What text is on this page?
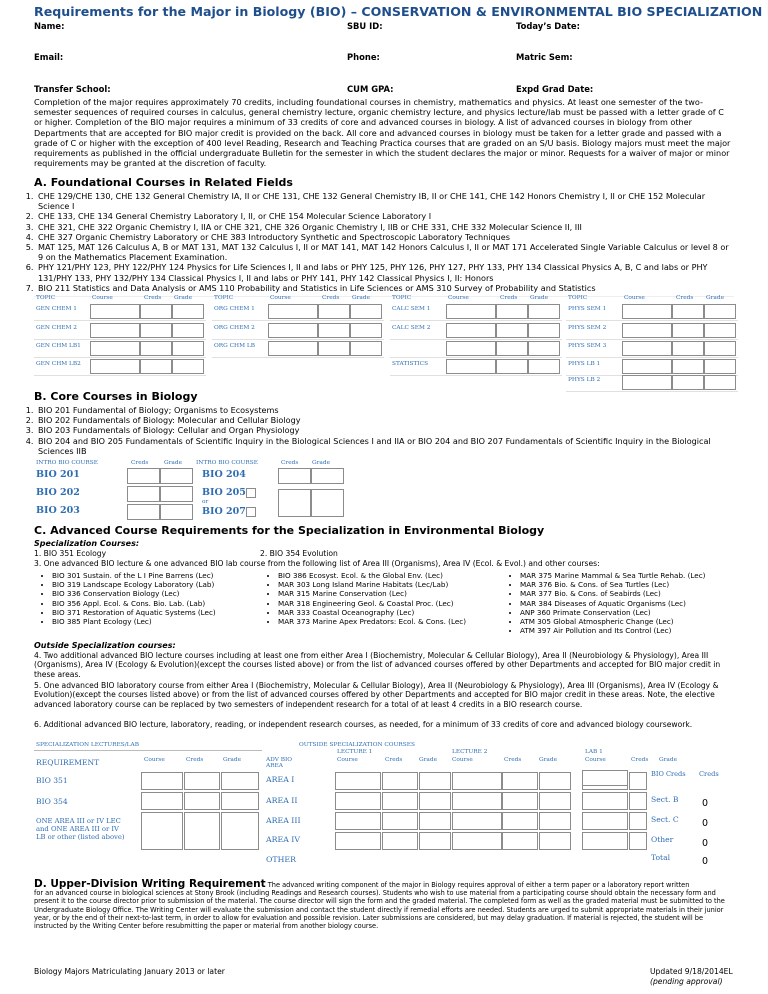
Requirements for the Major in Biology (BIO) – CONSERVATION & ENVIRONMENTAL BIO SPECIALIZATION
Name:	SBU ID:	Today’s Date:
Email:	Phone:	Matric Sem:
Transfer School:	CUM GPA:	Expd Grad Date:
Completion of the major requires approximately 70 credits, including foundational courses in chemistry, mathematics and physics. At least one semester of the two-semester sequences of required courses in calculus, general chemistry lecture, organic chemistry lecture, and physics lecture/lab must be passed with a letter grade of C or higher. Completion of the BIO major requires a minimum of 33 credits of core and advanced courses in biology. A list of advanced courses in biology from other Departments that are accepted for BIO major credit is provided on the back. All core and advanced courses in biology must be taken for a letter grade and passed with a grade of C or higher with the exception of 400 level Reading, Research and Teaching Practica courses that are graded on an S/U basis. Biology majors must meet the major requirements as published in the official undergraduate Bulletin for the semester in which the student declares the major or minor. Requests for a waiver of major or minor requirements may be granted at the discretion of faculty.
A. Foundational Courses in Related Fields
1. CHE 129/CHE 130, CHE 132 General Chemistry IA, II or CHE 131, CHE 132 General Chemistry IB, II or CHE 141, CHE 142 Honors Chemistry I, II or CHE 152 Molecular Science I
2. CHE 133, CHE 134 General Chemistry Laboratory I, II, or CHE 154 Molecular Science Laboratory I
3. CHE 321, CHE 322 Organic Chemistry I, IIA or CHE 321, CHE 326 Organic Chemistry I, IIB or CHE 331, CHE 332 Molecular Science II, III
4. CHE 327 Organic Chemistry Laboratory or CHE 383 Introductory Synthetic and Spectroscopic Laboratory Techniques
5. MAT 125, MAT 126 Calculus A, B or MAT 131, MAT 132 Calculus I, II or MAT 141, MAT 142 Honors Calculus I, II or MAT 171 Accelerated Single Variable Calculus or level 8 or 9 on the Mathematics Placement Examination.
6. PHY 121/PHY 123, PHY 122/PHY 124 Physics for Life Sciences I, II and labs or PHY 125, PHY 126, PHY 127, PHY 133, PHY 134 Classical Physics A, B, C and labs or PHY 131/PHY 133, PHY 132/PHY 134 Classical Physics I, II and labs or PHY 141, PHY 142 Classical Physics I, II: Honors
7. BIO 211 Statistics and Data Analysis or AMS 110 Probability and Statistics in Life Sciences or AMS 310 Survey of Probability and Statistics
TOPIC	Course	Creds Grade
GEN CHEM 1
GEN CHEM 2
GEN CHM LB1
GEN CHM LB2
TOPIC	Course	Creds Grade
ORG CHEM 1
ORG CHEM 2
ORG CHM LB
TOPIC	Course	Creds Grade
CALC SEM 1
CALC SEM 2
STATISTICS
TOPIC	Course	Creds Grade
PHYS SEM 1
PHYS SEM 2
PHYS SEM 3
PHYS LB 1
PHYS LB 2
B. Core Courses in Biology
1. BIO 201 Fundamental of Biology; Organisms to Ecosystems
2. BIO 202 Fundamentals of Biology: Molecular and Cellular Biology
3. BIO 203 Fundamentals of Biology: Cellular and Organ Physiology
4. BIO 204 and BIO 205 Fundamentals of Scientific Inquiry in the Biological Sciences I and IIA or BIO 204 and BIO 207 Fundamentals of Scientific Inquiry in the Biological Sciences IIB
INTRO BIO COURSE	Creds	Grade INTRO BIO COURSE	Creds Grade
BIO 201
BIO 202
BIO 203
BIO 204
BIO 205
or
BIO 207
C. Advanced Course Requirements for the Specialization in Environmental Biology
Specialization Courses:
1. BIO 351 Ecology	2. BIO 354 Evolution
3. One advanced BIO lecture & one advanced BIO lab course from the following list of Area III (Organisms), Area IV (Ecol. & Evol.) and other courses:
• BIO 301 Sustain. of the L I Pine Barrens (Lec)
• BIO 319 Landscape Ecology Laboratory (Lab)
• BIO 336 Conservation Biology (Lec)
• BIO 356 Appl. Ecol. & Cons. Bio. Lab. (Lab)
• BIO 371 Restoration of Aquatic Systems (Lec)
• BIO 385 Plant Ecology (Lec)
• BIO 386 Ecosyst. Ecol. & the Global Env. (Lec)
• MAR 303 Long Island Marine Habitats (Lec/Lab)
• MAR 315 Marine Conservation (Lec)
• MAR 318 Engineering Geol. & Coastal Proc. (Lec)
• MAR 333 Coastal Oceanography (Lec)
• MAR 373 Marine Apex Predators: Ecol. & Cons. (Lec)
• MAR 375 Marine Mammal & Sea Turtle Rehab. (Lec)
• MAR 376 Bio. & Cons. of Sea Turtles (Lec)
• MAR 377 Bio. & Cons. of Seabirds (Lec)
• MAR 384 Diseases of Aquatic Organisms (Lec)
• ANP 360 Primate Conservation (Lec)
• ATM 305 Global Atmospheric Change (Lec)
• ATM 397 Air Pollution and Its Control (Lec)
Outside Specialization courses:
4. Two additional advanced BIO lecture courses including at least one from either Area I (Biochemistry, Molecular & Cellular Biology), Area II (Neurobiology & Physiology), Area III (Organisms), Area IV (Ecology & Evolution)(except the courses listed above) or from the list of advanced courses offered by other Departments and accepted for BIO major credit in these areas.
5. One advanced BIO laboratory course from either Area I (Biochemistry, Molecular & Cellular Biology), Area II (Neurobiology & Physiology), Area III (Organisms), Area IV (Ecology & Evolution)(except the courses listed above) or from the list of advanced courses offered by other Departments and accepted for BIO major credit in these areas. Note, the elective advanced laboratory course can be replaced by two semesters of independent research for a total of at least 4 credits in a BIO research course.
6. Additional advanced BIO lecture, laboratory, reading, or independent research courses, as needed, for a minimum of 33 credits of core and advanced biology coursework.
SPECIALIZATION LECTURES/LAB	OUTSIDE SPECIALIZATION COURSES
LECTURE 1	LECTURE 2	LAB 1
REQUIREMENT	Course	Creds	Grade	ADV BIO AREA
Course	Creds	Grade	Course	Creds	Grade	Course	Creds Grade
BIO 351
BIO 354
ONE AREA III or IV LEC and ONE AREA III or IV LB or other (listed above)
AREA I
AREA II
AREA III
AREA IV
OTHER
BIO Creds Creds
Sect. B 0
Sect. C 0
Other	0
Total	0
D. Upper-Division Writing Requirement The advanced writing component of the major in Biology requires approval of either a term paper or a laboratory report written
for an advanced course in biological sciences at Stony Brook (including Readings and Research courses). Students who wish to use material from a participating course should obtain the necessary form and present it to the course director prior to submission of the material. The course director will sign the form and the graded material. The completed form as well as the graded material must be submitted to the Undergraduate Biology Office. The Writing Center will evaluate the submission and contact the student directly if remedial efforts are needed. Students are urged to submit appropriate materials in their junior year, or by the end of their next-to-last term, in order to allow for evaluation and possible revision. Later submissions are considered, but may delay graduation. If material is rejected, the student will be instructed by the Writing Center before resubmitting the paper or material from another biology course.
Biology Majors Matriculating January 2013 or later	Updated 9/18/2014EL
(pending approval)
